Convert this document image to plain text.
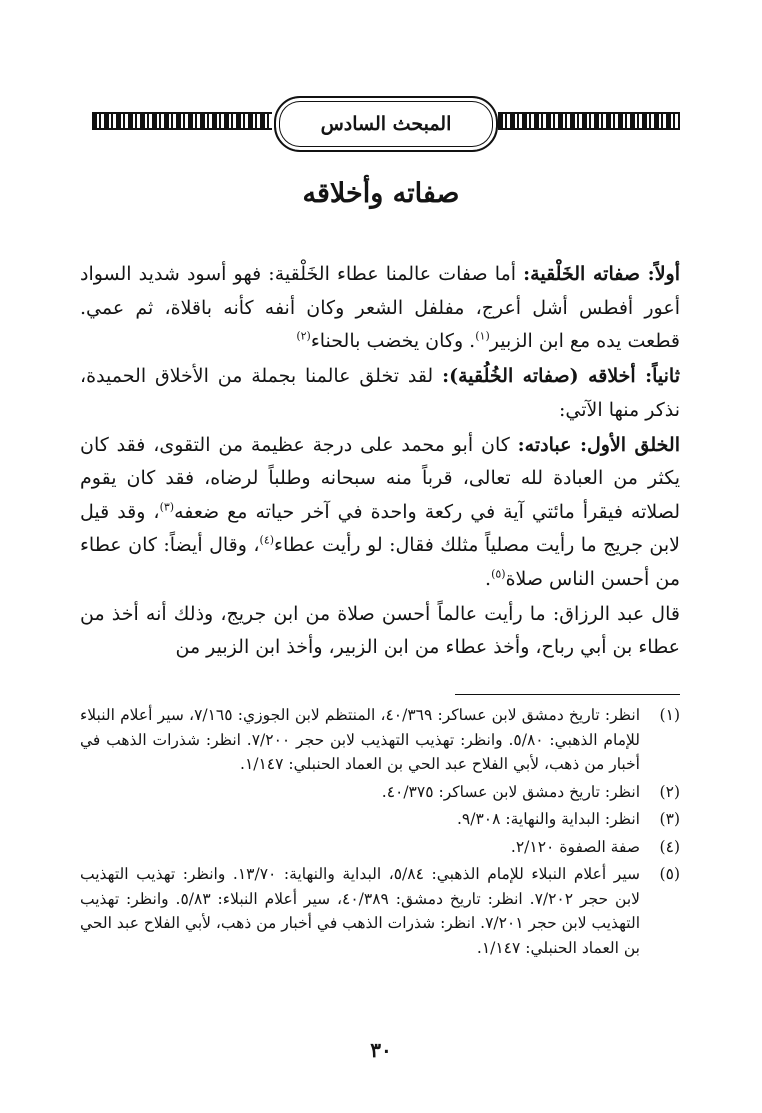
المبحث السادس
صفاته وأخلاقه

أولاً: صفاته الخَلْقية: أما صفات عالمنا عطاء الخَلْقية: فهو أسود شديد السواد أعور أفطس أشل أعرج، مفلفل الشعر وكان أنفه كأنه باقلاة، ثم عمي. قطعت يده مع ابن الزبير$^{(١)}$. وكان يخضب بالحناء$^{(٢)}$

ثانياً: أخلاقه (صفاته الخُلُقية): لقد تخلق عالمنا بجملة من الأخلاق الحميدة، نذكر منها الآتي:

الخلق الأول: عبادته: كان أبو محمد على درجة عظيمة من التقوى، فقد كان يكثر من العبادة لله تعالى، قرباً منه سبحانه وطلباً لرضاه، فقد كان يقوم لصلاته فيقرأ مائتي آية في ركعة واحدة في آخر حياته مع ضعفه$^{(٣)}$، وقد قيل لابن جريج ما رأيت مصلياً مثلك فقال: لو رأيت عطاء$^{(٤)}$، وقال أيضاً: كان عطاء من أحسن الناس صلاة$^{(٥)}$.

قال عبد الرزاق: ما رأيت عالماً أحسن صلاة من ابن جريج، وذلك أنه أخذ من عطاء بن أبي رباح، وأخذ عطاء من ابن الزبير، وأخذ ابن الزبير من

(١)
انظر: تاريخ دمشق لابن عساكر: ٤٠/٣٦٩، المنتظم لابن الجوزي: ٧/١٦٥، سير أعلام النبلاء للإمام الذهبي: ٥/٨٠. وانظر: تهذيب التهذيب لابن حجر ٧/٢٠٠. انظر: شذرات الذهب في أخبار من ذهب، لأبي الفلاح عبد الحي بن العماد الحنبلي: ١/١٤٧.
(٢)
انظر: تاريخ دمشق لابن عساكر: ٤٠/٣٧٥.
(٣)
انظر: البداية والنهاية: ٩/٣٠٨.
(٤)
صفة الصفوة ٢/١٢٠.
(٥)
سير أعلام النبلاء للإمام الذهبي: ٥/٨٤، البداية والنهاية: ١٣/٧٠. وانظر: تهذيب التهذيب لابن حجر ٧/٢٠٢. انظر: تاريخ دمشق: ٤٠/٣٨٩، سير أعلام النبلاء: ٥/٨٣. وانظر: تهذيب التهذيب لابن حجر ٧/٢٠١. انظر: شذرات الذهب في أخبار من ذهب، لأبي الفلاح عبد الحي بن العماد الحنبلي: ١/١٤٧.
٣٠
